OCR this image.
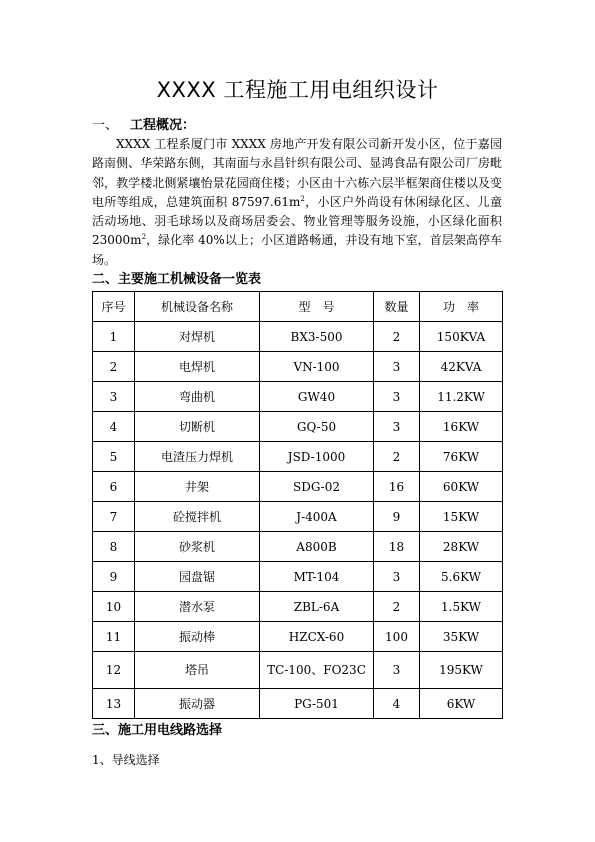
XXXX 工程施工用电组织设计
一、 工程概况：
XXXX 工程系厦门市 XXXX 房地产开发有限公司新开发小区，位于嘉园路南侧、华荣路东侧，其南面与永昌针织有限公司、显鸿食品有限公司厂房毗邻，教学楼北侧紧壤怡景花园商住楼；小区由十六栋六层半框架商住楼以及变电所等组成，总建筑面积 $87597.61m^2$，小区户外尚设有休闲绿化区、儿童活动场地、羽毛球场以及商场居委会、物业管理等服务设施，小区绿化面积 $23000m^2$，绿化率 40%以上；小区道路畅通，并设有地下室，首层架高停车场。
二、主要施工机械设备一览表
序号	机械设备名称	型　号	数量	功　率
1	对焊机	BX3-500	2	150KVA
2	电焊机	VN-100	3	42KVA
3	弯曲机	GW40	3	11.2KW
4	切断机	GQ-50	3	16KW
5	电渣压力焊机	JSD-1000	2	76KW
6	井架	SDG-02	16	60KW
7	砼搅拌机	J-400A	9	15KW
8	砂浆机	A800B	18	28KW
9	园盘锯	MT-104	3	5.6KW
10	潜水泵	ZBL-6A	2	1.5KW
11	振动棒	HZCX-60	100	35KW
12	塔吊	TC-100、FO23C	3	195KW
13	振动器	PG-501	4	6KW
三、施工用电线路选择
1、导线选择
